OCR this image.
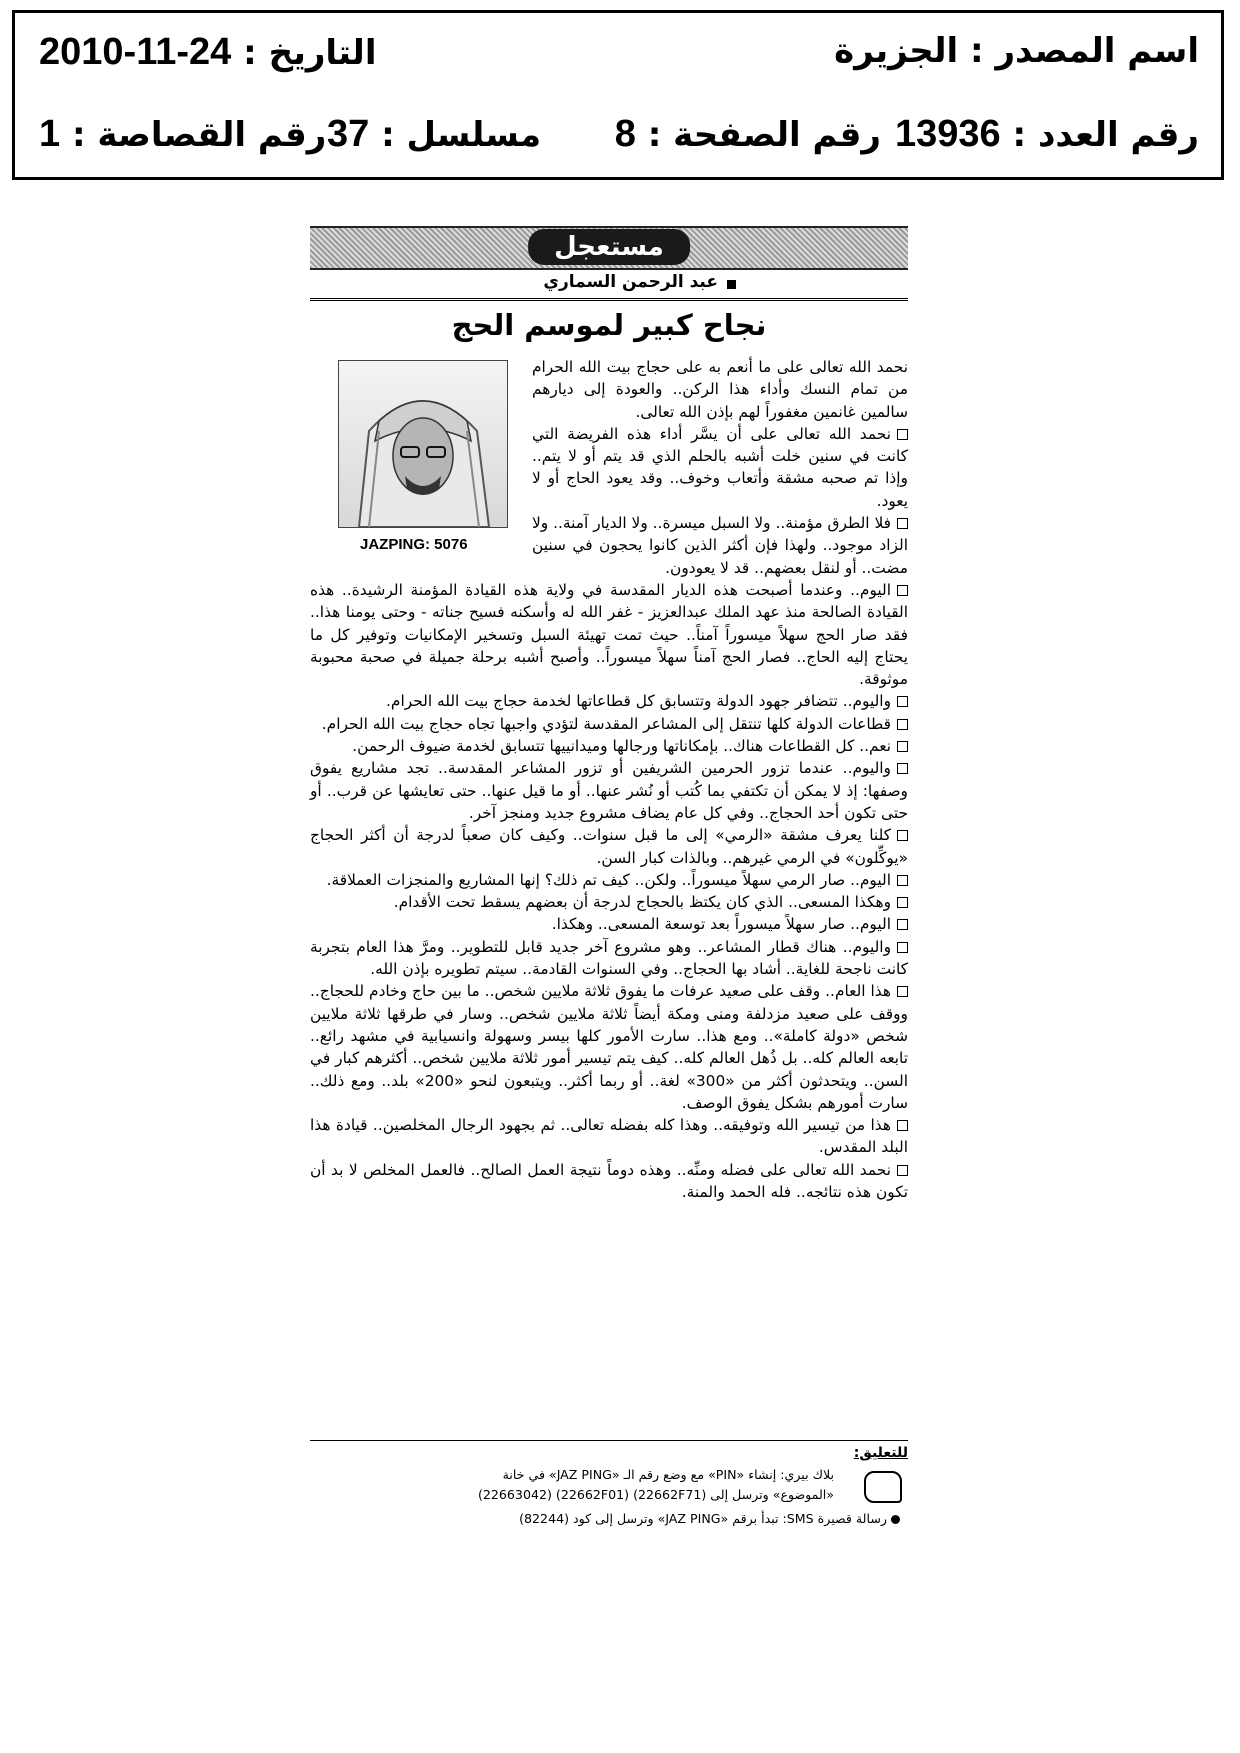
اسم المصدر : الجزيرة
التاريخ : 2010-11-24
رقم العدد : 13936
رقم الصفحة : 8
مسلسل : 37
رقم القصاصة : 1
مستعجل
عبد الرحمن السماري
نجاح كبير لموسم الحج
JAZPING: 5076

نحمد الله تعالى على ما أنعم به على حجاج بيت الله الحرام من تمام النسك وأداء هذا الركن.. والعودة إلى ديارهم سالمين غانمين مغفوراً لهم بإذن الله تعالى.

نحمد الله تعالى على أن يسَّر أداء هذه الفريضة التي كانت في سنين خلت أشبه بالحلم الذي قد يتم أو لا يتم.. وإذا تم صحبه مشقة وأتعاب وخوف.. وقد يعود الحاج أو لا يعود.

فلا الطرق مؤمنة.. ولا السبل ميسرة.. ولا الديار آمنة.. ولا الزاد موجود.. ولهذا فإن أكثر الذين كانوا يحجون في سنين مضت.. أو لنقل بعضهم.. قد لا يعودون.

اليوم.. وعندما أصبحت هذه الديار المقدسة في ولاية هذه القيادة المؤمنة الرشيدة.. هذه القيادة الصالحة منذ عهد الملك عبدالعزيز - غفر الله له وأسكنه فسيح جناته - وحتى يومنا هذا.. فقد صار الحج سهلاً ميسوراً آمناً.. حيث تمت تهيئة السبل وتسخير الإمكانيات وتوفير كل ما يحتاج إليه الحاج.. فصار الحج آمناً سهلاً ميسوراً.. وأصبح أشبه برحلة جميلة في صحبة محبوبة موثوقة.

واليوم.. تتضافر جهود الدولة وتتسابق كل قطاعاتها لخدمة حجاج بيت الله الحرام.

قطاعات الدولة كلها تنتقل إلى المشاعر المقدسة لتؤدي واجبها تجاه حجاج بيت الله الحرام.

نعم.. كل القطاعات هناك.. بإمكاناتها ورجالها وميدانييها تتسابق لخدمة ضيوف الرحمن.

واليوم.. عندما تزور الحرمين الشريفين أو تزور المشاعر المقدسة.. تجد مشاريع يفوق وصفها: إذ لا يمكن أن تكتفي بما كُتب أو نُشر عنها.. أو ما قيل عنها.. حتى تعايشها عن قرب.. أو حتى تكون أحد الحجاج.. وفي كل عام يضاف مشروع جديد ومنجز آخر.

كلنا يعرف مشقة «الرمي» إلى ما قبل سنوات.. وكيف كان صعباً لدرجة أن أكثر الحجاج «يوكِّلون» في الرمي غيرهم.. وبالذات كبار السن.

اليوم.. صار الرمي سهلاً ميسوراً.. ولكن.. كيف تم ذلك؟ إنها المشاريع والمنجزات العملاقة.

وهكذا المسعى.. الذي كان يكتظ بالحجاج لدرجة أن بعضهم يسقط تحت الأقدام.

اليوم.. صار سهلاً ميسوراً بعد توسعة المسعى.. وهكذا.

واليوم.. هناك قطار المشاعر.. وهو مشروع آخر جديد قابل للتطوير.. ومرَّ هذا العام بتجربة كانت ناجحة للغاية.. أشاد بها الحجاج.. وفي السنوات القادمة.. سيتم تطويره بإذن الله.

هذا العام.. وقف على صعيد عرفات ما يفوق ثلاثة ملايين شخص.. ما بين حاج وخادم للحجاج.. ووقف على صعيد مزدلفة ومنى ومكة أيضاً ثلاثة ملايين شخص.. وسار في طرقها ثلاثة ملايين شخص «دولة كاملة».. ومع هذا.. سارت الأمور كلها بيسر وسهولة وانسيابية في مشهد رائع.. تابعه العالم كله.. بل ذُهل العالم كله.. كيف يتم تيسير أمور ثلاثة ملايين شخص.. أكثرهم كبار في السن.. ويتحدثون أكثر من «300» لغة.. أو ربما أكثر.. ويتبعون لنحو «200» بلد.. ومع ذلك.. سارت أمورهم بشكل يفوق الوصف.

هذا من تيسير الله وتوفيقه.. وهذا كله بفضله تعالى.. ثم بجهود الرجال المخلصين.. قيادة هذا البلد المقدس.

نحمد الله تعالى على فضله ومنِّه.. وهذه دوماً نتيجة العمل الصالح.. فالعمل المخلص لا بد أن تكون هذه نتائجه.. فله الحمد والمنة.

للتعليق:
بلاك بيري: إنشاء «PIN» مع وضع رقم الـ «JAZ PING» في خانة
«الموضوع» وترسل إلى (22662F71) (22662F01) (22663042)
رسالة قصيرة SMS: تبدأ برقم «JAZ PING» وترسل إلى كود (82244)
